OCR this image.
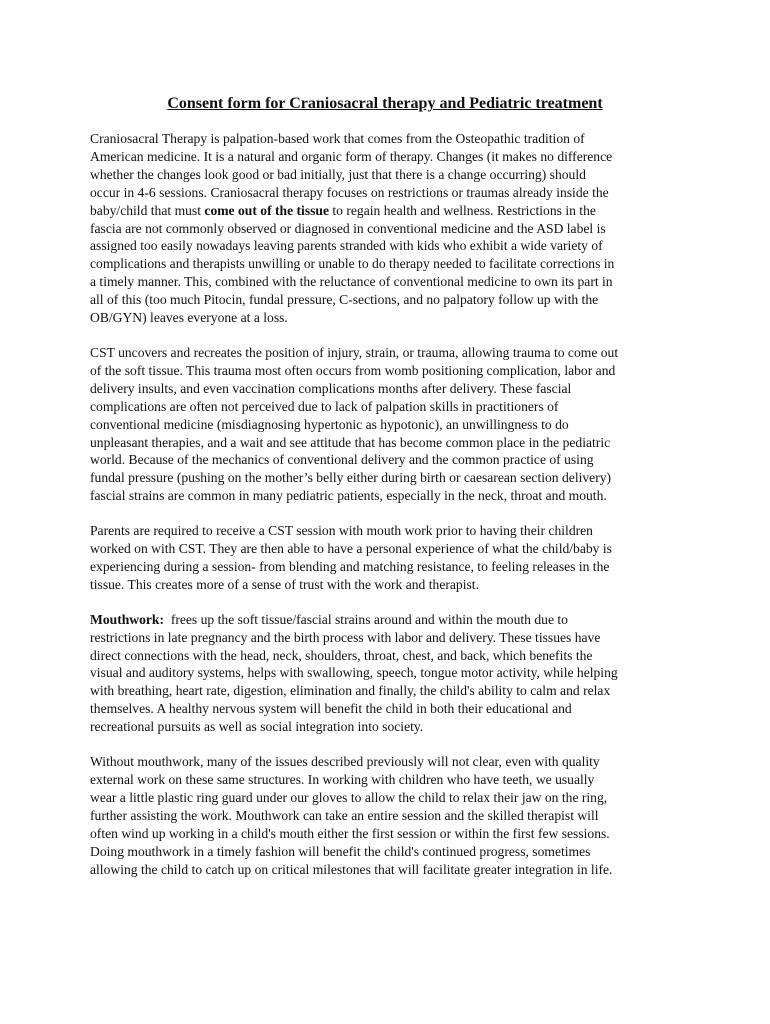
Consent form for Craniosacral therapy and Pediatric treatment

Craniosacral Therapy is palpation-based work that comes from the Osteopathic tradition of
American medicine. It is a natural and organic form of therapy. Changes (it makes no difference
whether the changes look good or bad initially, just that there is a change occurring) should
occur in 4-6 sessions. Craniosacral therapy focuses on restrictions or traumas already inside the
baby/child that must come out of the tissue to regain health and wellness. Restrictions in the
fascia are not commonly observed or diagnosed in conventional medicine and the ASD label is
assigned too easily nowadays leaving parents stranded with kids who exhibit a wide variety of
complications and therapists unwilling or unable to do therapy needed to facilitate corrections in
a timely manner. This, combined with the reluctance of conventional medicine to own its part in
all of this (too much Pitocin, fundal pressure, C-sections, and no palpatory follow up with the
OB/GYN) leaves everyone at a loss.

CST uncovers and recreates the position of injury, strain, or trauma, allowing trauma to come out
of the soft tissue. This trauma most often occurs from womb positioning complication, labor and
delivery insults, and even vaccination complications months after delivery. These fascial
complications are often not perceived due to lack of palpation skills in practitioners of
conventional medicine (misdiagnosing hypertonic as hypotonic), an unwillingness to do
unpleasant therapies, and a wait and see attitude that has become common place in the pediatric
world. Because of the mechanics of conventional delivery and the common practice of using
fundal pressure (pushing on the mother’s belly either during birth or caesarean section delivery)
fascial strains are common in many pediatric patients, especially in the neck, throat and mouth.

Parents are required to receive a CST session with mouth work prior to having their children
worked on with CST. They are then able to have a personal experience of what the child/baby is
experiencing during a session- from blending and matching resistance, to feeling releases in the
tissue. This creates more of a sense of trust with the work and therapist.

Mouthwork:  frees up the soft tissue/fascial strains around and within the mouth due to
restrictions in late pregnancy and the birth process with labor and delivery. These tissues have
direct connections with the head, neck, shoulders, throat, chest, and back, which benefits the
visual and auditory systems, helps with swallowing, speech, tongue motor activity, while helping
with breathing, heart rate, digestion, elimination and finally, the child's ability to calm and relax
themselves. A healthy nervous system will benefit the child in both their educational and
recreational pursuits as well as social integration into society.

Without mouthwork, many of the issues described previously will not clear, even with quality
external work on these same structures. In working with children who have teeth, we usually
wear a little plastic ring guard under our gloves to allow the child to relax their jaw on the ring,
further assisting the work. Mouthwork can take an entire session and the skilled therapist will
often wind up working in a child's mouth either the first session or within the first few sessions.
Doing mouthwork in a timely fashion will benefit the child's continued progress, sometimes
allowing the child to catch up on critical milestones that will facilitate greater integration in life.
